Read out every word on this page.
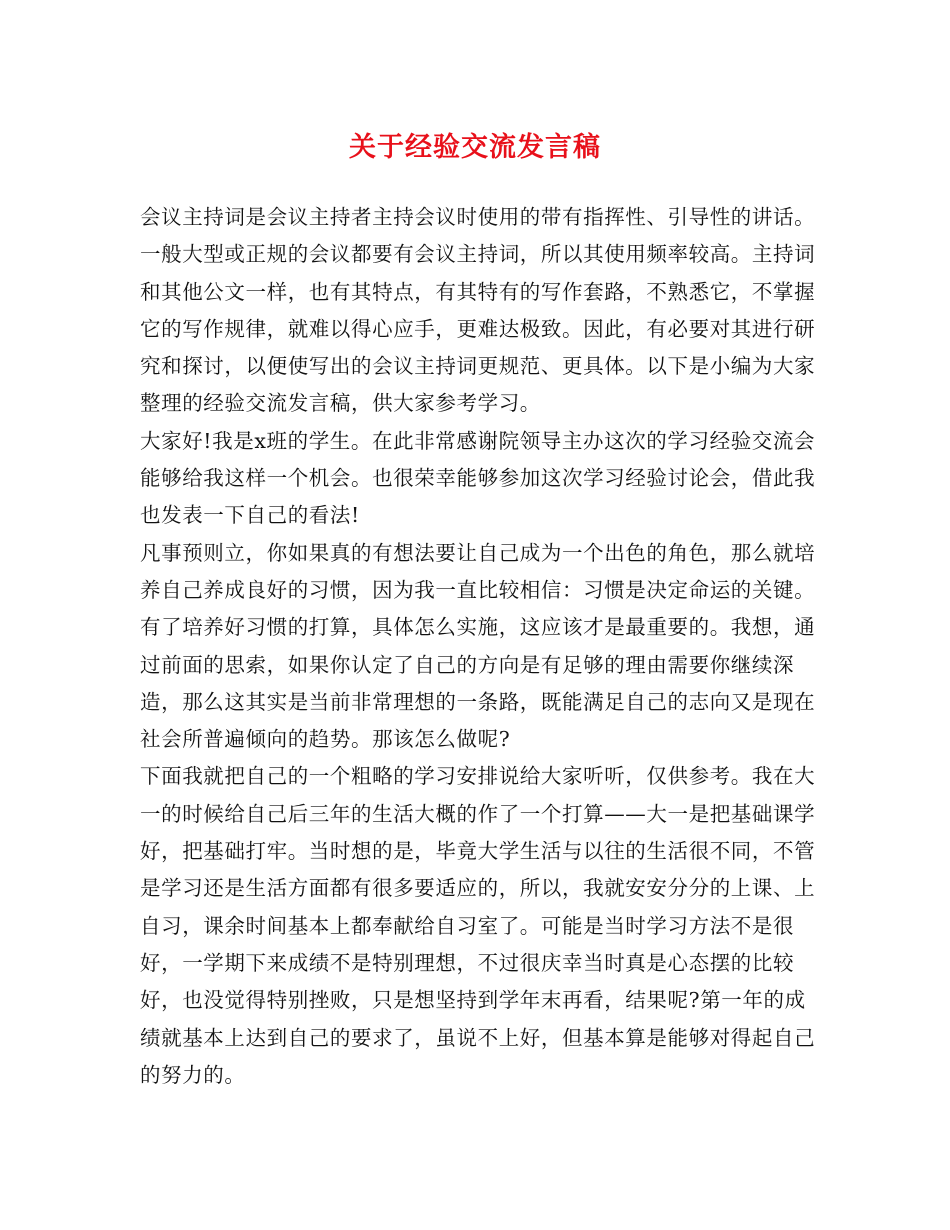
关于经验交流发言稿

会议主持词是会议主持者主持会议时使用的带有指挥性、引导性的讲话。一般大型或正规的会议都要有会议主持词，所以其使用频率较高。主持词和其他公文一样，也有其特点，有其特有的写作套路，不熟悉它，不掌握它的写作规律，就难以得心应手，更难达极致。因此，有必要对其进行研究和探讨，以便使写出的会议主持词更规范、更具体。以下是小编为大家整理的经验交流发言稿，供大家参考学习。

大家好!我是x班的学生。在此非常感谢院领导主办这次的学习经验交流会能够给我这样一个机会。也很荣幸能够参加这次学习经验讨论会，借此我也发表一下自己的看法!

凡事预则立，你如果真的有想法要让自己成为一个出色的角色，那么就培养自己养成良好的习惯，因为我一直比较相信：习惯是决定命运的关键。

有了培养好习惯的打算，具体怎么实施，这应该才是最重要的。我想，通过前面的思索，如果你认定了自己的方向是有足够的理由需要你继续深造，那么这其实是当前非常理想的一条路，既能满足自己的志向又是现在社会所普遍倾向的趋势。那该怎么做呢?

下面我就把自己的一个粗略的学习安排说给大家听听，仅供参考。我在大一的时候给自己后三年的生活大概的作了一个打算——大一是把基础课学好，把基础打牢。当时想的是，毕竟大学生活与以往的生活很不同，不管是学习还是生活方面都有很多要适应的，所以，我就安安分分的上课、上自习，课余时间基本上都奉献给自习室了。可能是当时学习方法不是很好，一学期下来成绩不是特别理想，不过很庆幸当时真是心态摆的比较好，也没觉得特别挫败，只是想坚持到学年末再看，结果呢?第一年的成绩就基本上达到自己的要求了，虽说不上好，但基本算是能够对得起自己的努力的。
